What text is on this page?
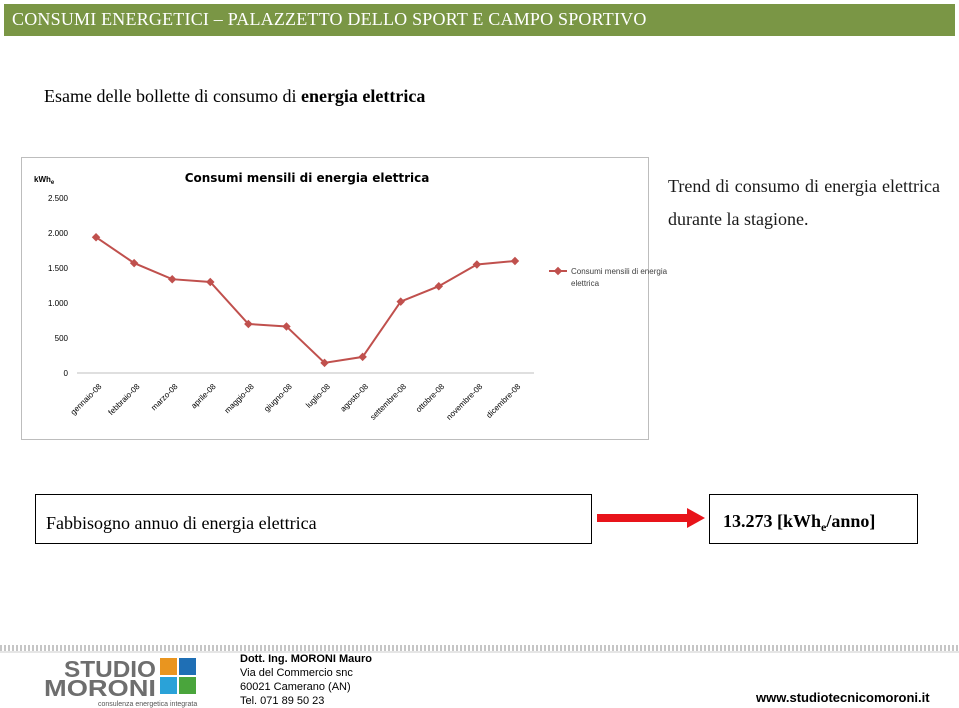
CONSUMI ENERGETICI – PALAZZETTO DELLO SPORT E CAMPO SPORTIVO
Esame delle bollette di consumo di energia elettrica
kWh$_e$	Consumi mensili di energia elettrica
0
500
1.000
1.500
2.000
2.500
gennaio-08 febbraio-08 marzo-08 aprile-08 maggio-08 giugno-08 luglio-08 agosto-08
settembre-08 ottobre-08
novembre-08 dicembre-08
Consumi mensili di energia elettrica
Trend di consumo di energia elettrica durante la stagione.
Fabbisogno annuo di energia elettrica	13.273 [kWh$_e$/anno]
STUDIO
MORONI
consulenza energetica integrata
Dott. Ing. MORONI Mauro
Via del Commercio snc
60021 Camerano (AN)
Tel. 071 89 50 23	www.studiotecnicomoroni.it
